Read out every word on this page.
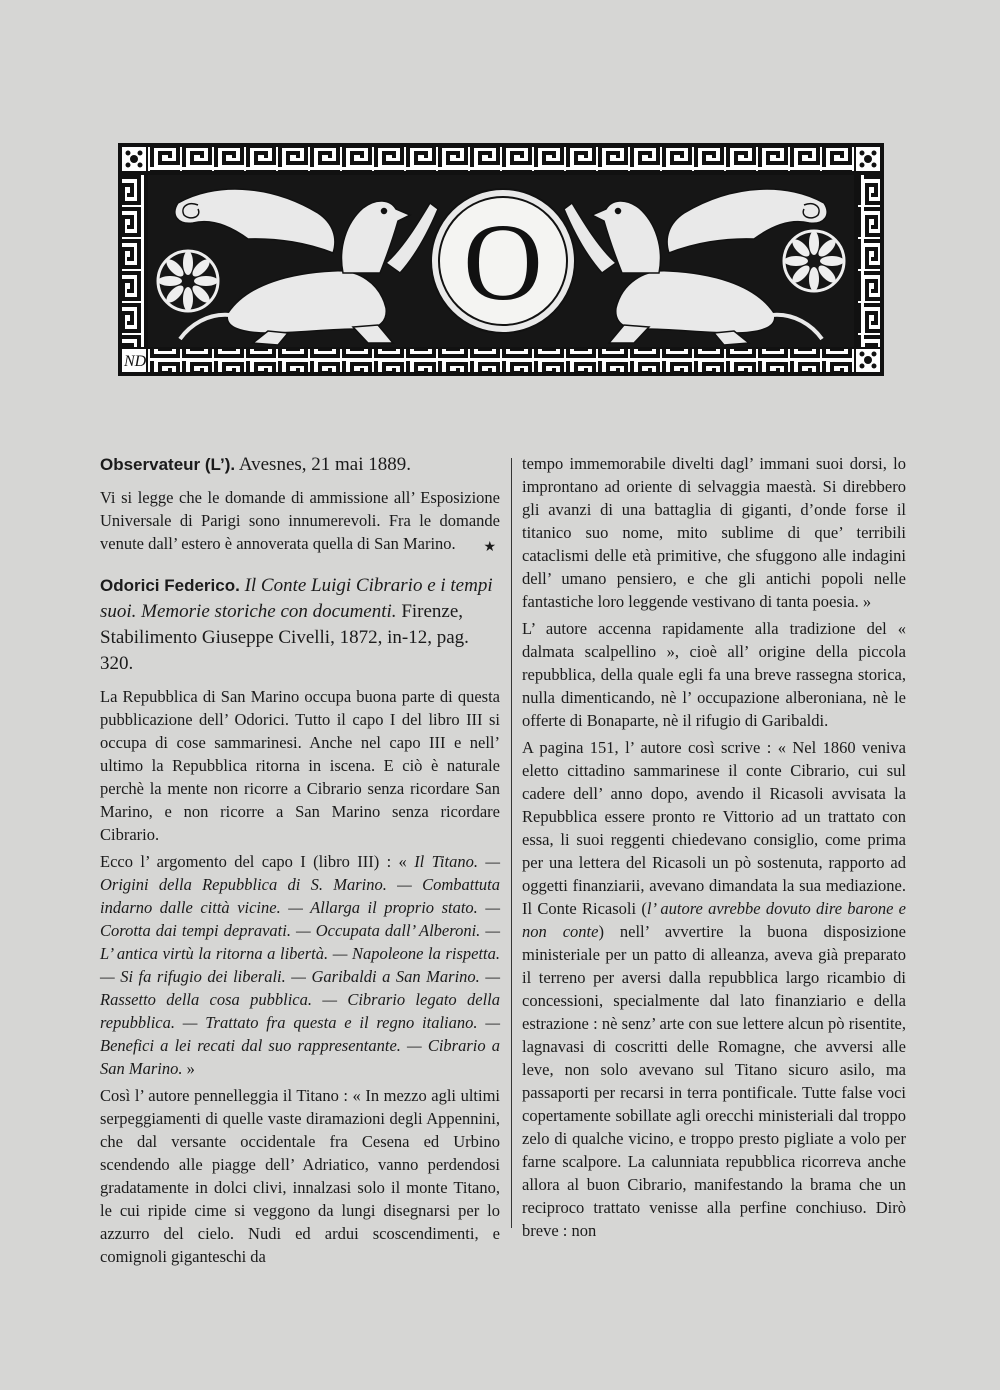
ND
O
Observateur (L’). Avesnes, 21 mai 1889.

Vi si legge che le domande di ammissione all’ Esposizione Universale di Parigi sono innumerevoli. Fra le domande venute dall’ estero è annoverata quella di San Marino.	★
Odorici Federico. Il Conte Luigi Cibrario e i tempi suoi. Memorie storiche con documenti. Firenze, Stabilimento Giuseppe Civelli, 1872, in-12, pag. 320.

La Repubblica di San Marino occupa buona parte di questa pubblicazione dell’ Odorici. Tutto il capo I del libro III si occupa di cose sammarinesi. Anche nel capo III e nell’ ultimo la Repubblica ritorna in iscena. E ciò è naturale perchè la mente non ricorre a Cibrario senza ricordare San Marino, e non ricorre a San Marino senza ricordare Cibrario.

Ecco l’ argomento del capo I (libro III) : « Il Titano. — Origini della Repubblica di S. Marino. — Combattuta indarno dalle città vicine. — Allarga il proprio stato. — Corotta dai tempi depravati. — Occupata dall’ Alberoni. — L’ antica virtù la ritorna a libertà. — Napoleone la rispetta. — Si fa rifugio dei liberali. — Garibaldi a San Marino. — Rassetto della cosa pubblica. — Cibrario legato della repubblica. — Trattato fra questa e il regno italiano. — Benefici a lei recati dal suo rappresentante. — Cibrario a San Marino. »

Così l’ autore pennelleggia il Titano : « In mezzo agli ultimi serpeggiamenti di quelle vaste diramazioni degli Appennini, che dal versante occidentale fra Cesena ed Urbino scendendo alle piagge dell’ Adriatico, vanno perdendosi gradatamente in dolci clivi, innalzasi solo il monte Titano, le cui ripide cime si veggono da lungi disegnarsi per lo azzurro del cielo. Nudi ed ardui scoscendimenti, e comignoli giganteschi da

tempo immemorabile divelti dagl’ immani suoi dorsi, lo improntano ad oriente di selvaggia maestà. Si direbbero gli avanzi di una battaglia di giganti, d’onde forse il titanico suo nome, mito sublime di que’ terribili cataclismi delle età primitive, che sfuggono alle indagini dell’ umano pensiero, e che gli antichi popoli nelle fantastiche loro leggende vestivano di tanta poesia. »

L’ autore accenna rapidamente alla tradizione del « dalmata scalpellino », cioè all’ origine della piccola repubblica, della quale egli fa una breve rassegna storica, nulla dimenticando, nè l’ occupazione alberoniana, nè le offerte di Bonaparte, nè il rifugio di Garibaldi.

A pagina 151, l’ autore così scrive : « Nel 1860 veniva eletto cittadino sammarinese il conte Cibrario, cui sul cadere dell’ anno dopo, avendo il Ricasoli avvisata la Repubblica essere pronto re Vittorio ad un trattato con essa, li suoi reggenti chiedevano consiglio, come prima per una lettera del Ricasoli un pò sostenuta, rapporto ad oggetti finanziarii, avevano dimandata la sua mediazione. Il Conte Ricasoli (l’ autore avrebbe dovuto dire barone e non conte) nell’ avvertire la buona disposizione ministeriale per un patto di alleanza, aveva già preparato il terreno per aversi dalla repubblica largo ricambio di concessioni, specialmente dal lato finanziario e della estrazione : nè senz’ arte con sue lettere alcun pò risentite, lagnavasi di coscritti delle Romagne, che avversi alle leve, non solo avevano sul Titano sicuro asilo, ma passaporti per recarsi in terra pontificale. Tutte false voci copertamente sobillate agli orecchi ministeriali dal troppo zelo di qualche vicino, e troppo presto pigliate a volo per farne scalpore. La calunniata repubblica ricorreva anche allora al buon Cibrario, manifestando la brama che un reciproco trattato venisse alla perfine conchiuso. Dirò breve : non
